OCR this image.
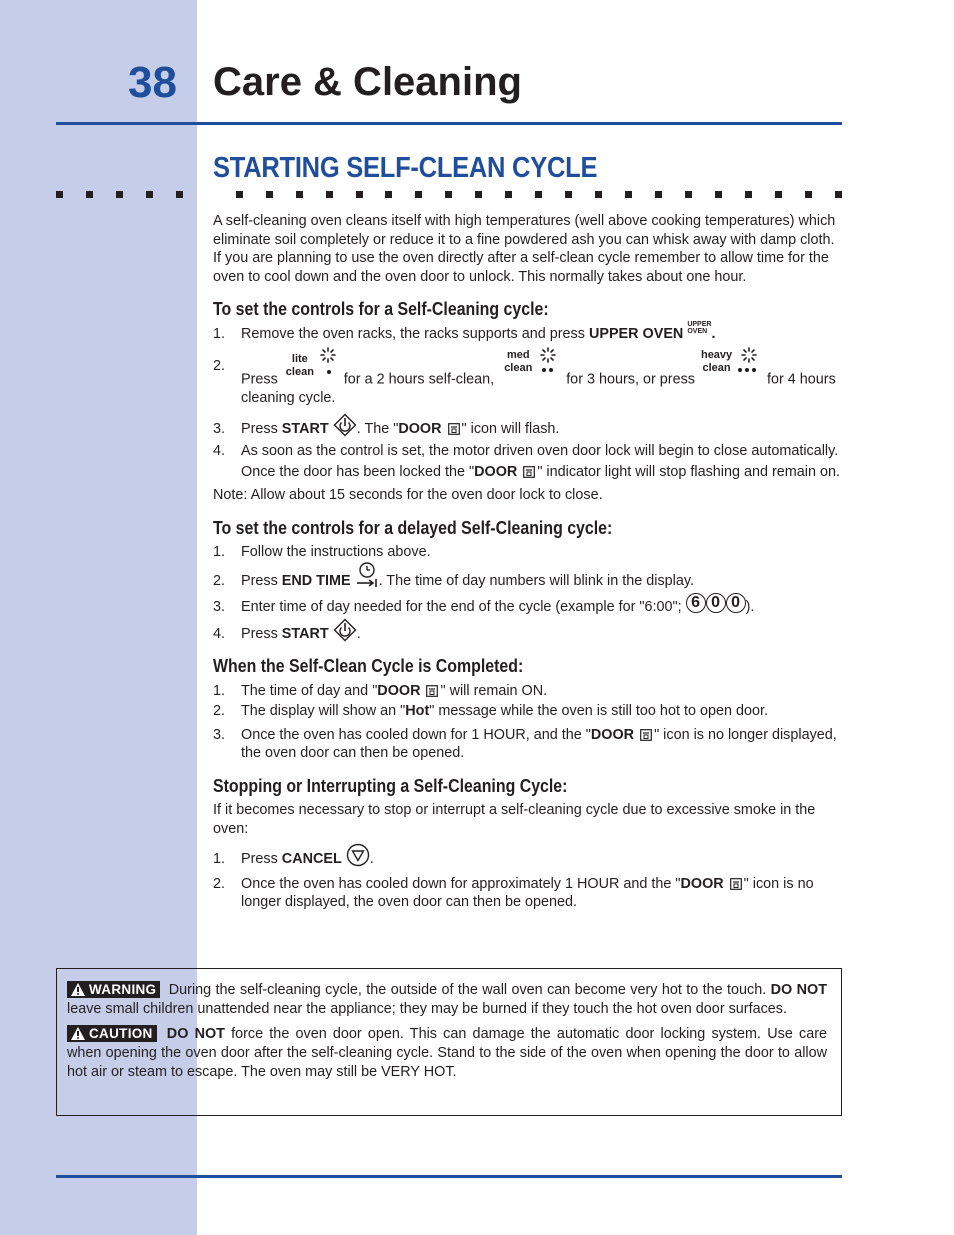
38 Care & Cleaning
STARTING SELF-CLEAN CYCLE

A self-cleaning oven cleans itself with high temperatures (well above cooking temperatures) which eliminate soil completely or reduce it to a fine powdered ash you can whisk away with damp cloth. If you are planning to use the oven directly after a self-clean cycle remember to allow time for the oven to cool down and the oven door to unlock. This normally takes about one hour.

To set the controls for a Self-Cleaning cycle:
1. Remove the oven racks, the racks supports and press UPPER OVEN UPPER
OVEN .
2.
Press
lite
clean for a 2 hours self-clean,
med
clean
for 3 hours, or press
heavy
clean
for 4 hours cleaning cycle.
3. Press START . The "DOOR " icon will flash.
4. As soon as the control is set, the motor driven oven door lock will begin to close automatically. Once the door has been locked the "DOOR " indicator light will stop flashing and remain on.

Note: Allow about 15 seconds for the oven door lock to close.

To set the controls for a delayed Self-Cleaning cycle:
1. Follow the instructions above.
2. Press END TIME . The time of day numbers will blink in the display.
3. Enter time of day needed for the end of the cycle (example for "6:00"; 6 0 0 ).
4. Press START .
When the Self-Clean Cycle is Completed:
1. The time of day and "DOOR " will remain ON.
2. The display will show an "Hot" message while the oven is still too hot to open door.
3. Once the oven has cooled down for 1 HOUR, and the "DOOR " icon is no longer displayed, the oven door can then be opened.
Stopping or Interrupting a Self-Cleaning Cycle:

If it becomes necessary to stop or interrupt a self-cleaning cycle due to excessive smoke in the oven:

1. Press CANCEL .
2. Once the oven has cooled down for approximately 1 HOUR and the "DOOR " icon is no longer displayed, the oven door can then be opened.

WARNING During the self-cleaning cycle, the outside of the wall oven can become very hot to the touch. DO NOT leave small children unattended near the appliance; they may be burned if they touch the hot oven door surfaces.

CAUTION DO NOT force the oven door open. This can damage the automatic door locking system. Use care when opening the oven door after the self-cleaning cycle. Stand to the side of the oven when opening the door to allow hot air or steam to escape. The oven may still be VERY HOT.
